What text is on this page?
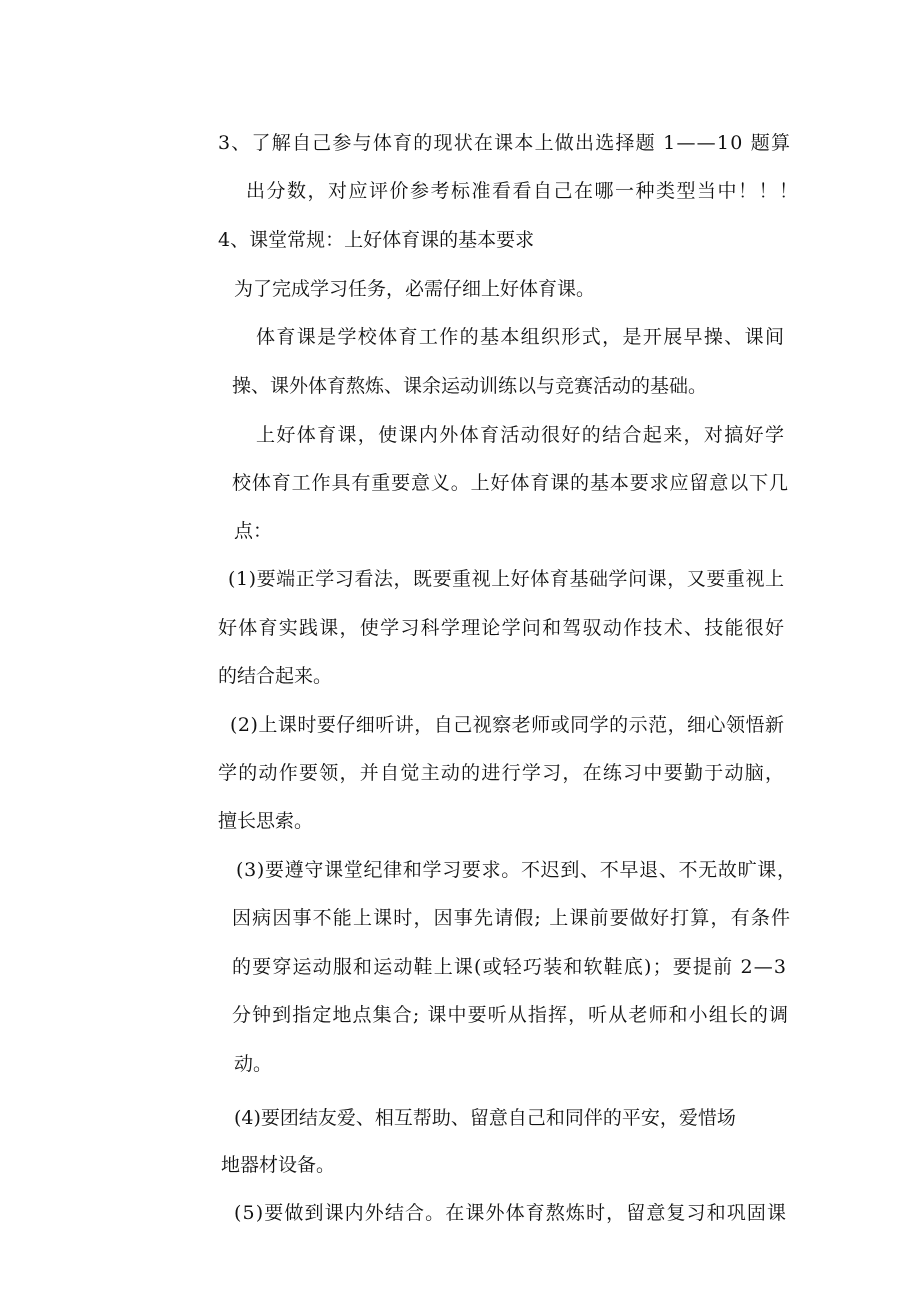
3、了解自己参与体育的现状在课本上做出选择题 1——10 题算
出分数，对应评价参考标准看看自己在哪一种类型当中！！！
4、课堂常规：上好体育课的基本要求
为了完成学习任务，必需仔细上好体育课。
体育课是学校体育工作的基本组织形式，是开展早操、课间
操、课外体育熬炼、课余运动训练以与竞赛活动的基础。
上好体育课，使课内外体育活动很好的结合起来，对搞好学
校体育工作具有重要意义。上好体育课的基本要求应留意以下几
点：
(1)要端正学习看法，既要重视上好体育基础学问课，又要重视上
好体育实践课，使学习科学理论学问和驾驭动作技术、技能很好
的结合起来。
(2)上课时要仔细听讲，自己视察老师或同学的示范，细心领悟新
学的动作要领，并自觉主动的进行学习，在练习中要勤于动脑，
擅长思索。
(3)要遵守课堂纪律和学习要求。不迟到、不早退、不无故旷课，
因病因事不能上课时，因事先请假; 上课前要做好打算，有条件
的要穿运动服和运动鞋上课(或轻巧装和软鞋底)；要提前 2—3
分钟到指定地点集合; 课中要听从指挥，听从老师和小组长的调
动。
(4)要团结友爱、相互帮助、留意自己和同伴的平安，爱惜场
地器材设备。
(5)要做到课内外结合。在课外体育熬炼时，留意复习和巩固课
